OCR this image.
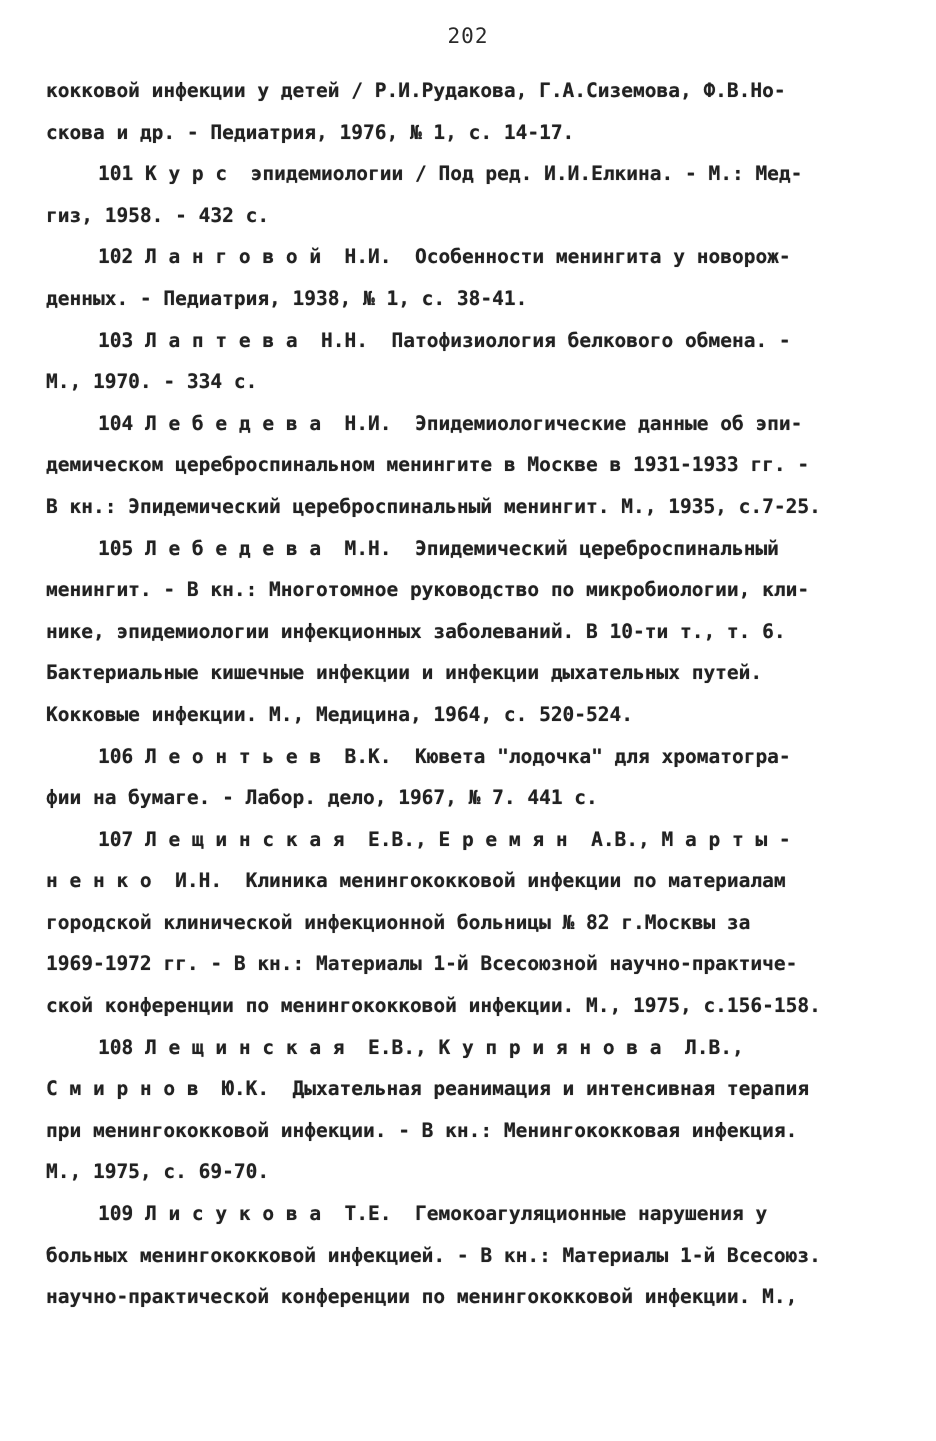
202
кокковой инфекции у детей / Р.И.Рудакова, Г.А.Сиземова, Ф.В.Но-
скова и др. - Педиатрия, 1976, № 1, с. 14-17.
101 К у р с  эпидемиологии / Под ред. И.И.Елкина. - М.: Мед-
гиз, 1958. - 432 с.
102 Л а н г о в о й  Н.И.  Особенности менингита у новорож-
денных. - Педиатрия, 1938, № 1, с. 38-41.
103 Л а п т е в а  Н.Н.  Патофизиология белкового обмена. -
М., 1970. - 334 с.
104 Л е б е д е в а  Н.И.  Эпидемиологические данные об эпи-
демическом цереброспинальном менингите в Москве в 1931-1933 гг. -
В кн.: Эпидемический цереброспинальный менингит. М., 1935, с.7-25.
105 Л е б е д е в а  М.Н.  Эпидемический цереброспинальный
менингит. - В кн.: Многотомное руководство по микробиологии, кли-
нике, эпидемиологии инфекционных заболеваний. В 10-ти т., т. 6.
Бактериальные кишечные инфекции и инфекции дыхательных путей.
Кокковые инфекции. М., Медицина, 1964, с. 520-524.
106 Л е о н т ь е в  В.К.  Кювета "лодочка" для хроматогра-
фии на бумаге. - Лабор. дело, 1967, № 7. 441 с.
107 Л е щ и н с к а я  Е.В., Е р е м я н  А.В., М а р т ы -
н е н к о  И.Н.  Клиника менингококковой инфекции по материалам
городской клинической инфекционной больницы № 82 г.Москвы за
1969-1972 гг. - В кн.: Материалы 1-й Всесоюзной научно-практиче-
ской конференции по менингококковой инфекции. М., 1975, с.156-158.
108 Л е щ и н с к а я  Е.В., К у п р и я н о в а  Л.В.,
С м и р н о в  Ю.К.  Дыхательная реанимация и интенсивная терапия
при менингококковой инфекции. - В кн.: Менингококковая инфекция.
М., 1975, с. 69-70.
109 Л и с у к о в а  Т.Е.  Гемокоагуляционные нарушения у
больных менингококковой инфекцией. - В кн.: Материалы 1-й Всесоюз.
научно-практической конференции по менингококковой инфекции. М.,
